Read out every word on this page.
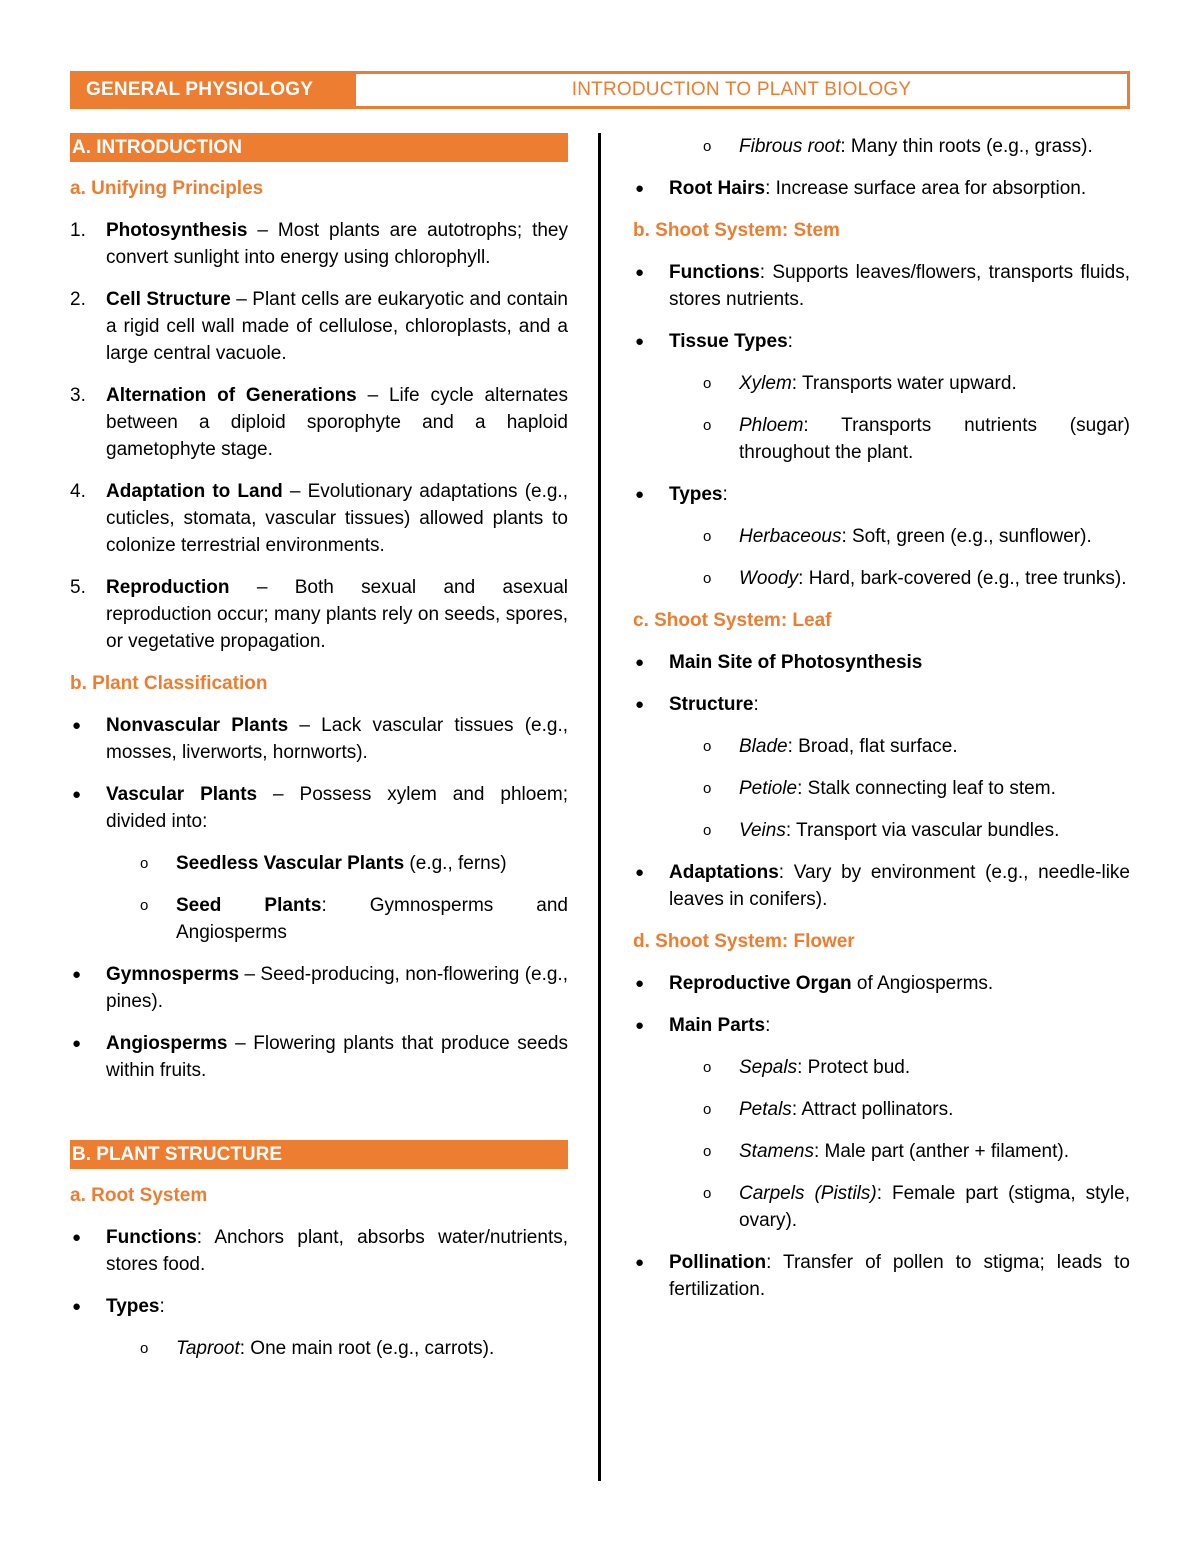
GENERAL PHYSIOLOGY	INTRODUCTION TO PLANT BIOLOGY
A. INTRODUCTION
a. Unifying Principles
1.	Photosynthesis – Most plants are autotrophs; they convert sunlight into energy using chlorophyll.
2.	Cell Structure – Plant cells are eukaryotic and contain a rigid cell wall made of cellulose, chloroplasts, and a large central vacuole.
3.	Alternation of Generations – Life cycle alternates between a diploid sporophyte and a haploid gametophyte stage.
4.	Adaptation to Land – Evolutionary adaptations (e.g., cuticles, stomata, vascular tissues) allowed plants to colonize terrestrial environments.
5.	Reproduction – Both sexual and asexual reproduction occur; many plants rely on seeds, spores, or vegetative propagation.
b. Plant Classification
●	Nonvascular Plants – Lack vascular tissues (e.g., mosses, liverworts, hornworts).
●	Vascular Plants – Possess xylem and phloem; divided into:
o	Seedless Vascular Plants (e.g., ferns)
o	Seed Plants: Gymnosperms and Angiosperms
●	Gymnosperms – Seed-producing, non-flowering (e.g., pines).
●	Angiosperms – Flowering plants that produce seeds within fruits.
B. PLANT STRUCTURE
a. Root System
●	Functions: Anchors plant, absorbs water/nutrients, stores food.
●	Types:
o	Taproot: One main root (e.g., carrots).
o	Fibrous root: Many thin roots (e.g., grass).
●	Root Hairs: Increase surface area for absorption.
b. Shoot System: Stem
●	Functions: Supports leaves/flowers, transports fluids, stores nutrients.
●	Tissue Types:
o	Xylem: Transports water upward.
o	Phloem: Transports nutrients (sugar) throughout the plant.
●	Types:
o	Herbaceous: Soft, green (e.g., sunflower).
o	Woody: Hard, bark-covered (e.g., tree trunks).
c. Shoot System: Leaf
●	Main Site of Photosynthesis
●	Structure:
o	Blade: Broad, flat surface.
o	Petiole: Stalk connecting leaf to stem.
o	Veins: Transport via vascular bundles.
●	Adaptations: Vary by environment (e.g., needle-like leaves in conifers).
d. Shoot System: Flower
●	Reproductive Organ of Angiosperms.
●	Main Parts:
o	Sepals: Protect bud.
o	Petals: Attract pollinators.
o	Stamens: Male part (anther + filament).
o	Carpels (Pistils): Female part (stigma, style, ovary).
●	Pollination: Transfer of pollen to stigma; leads to fertilization.
